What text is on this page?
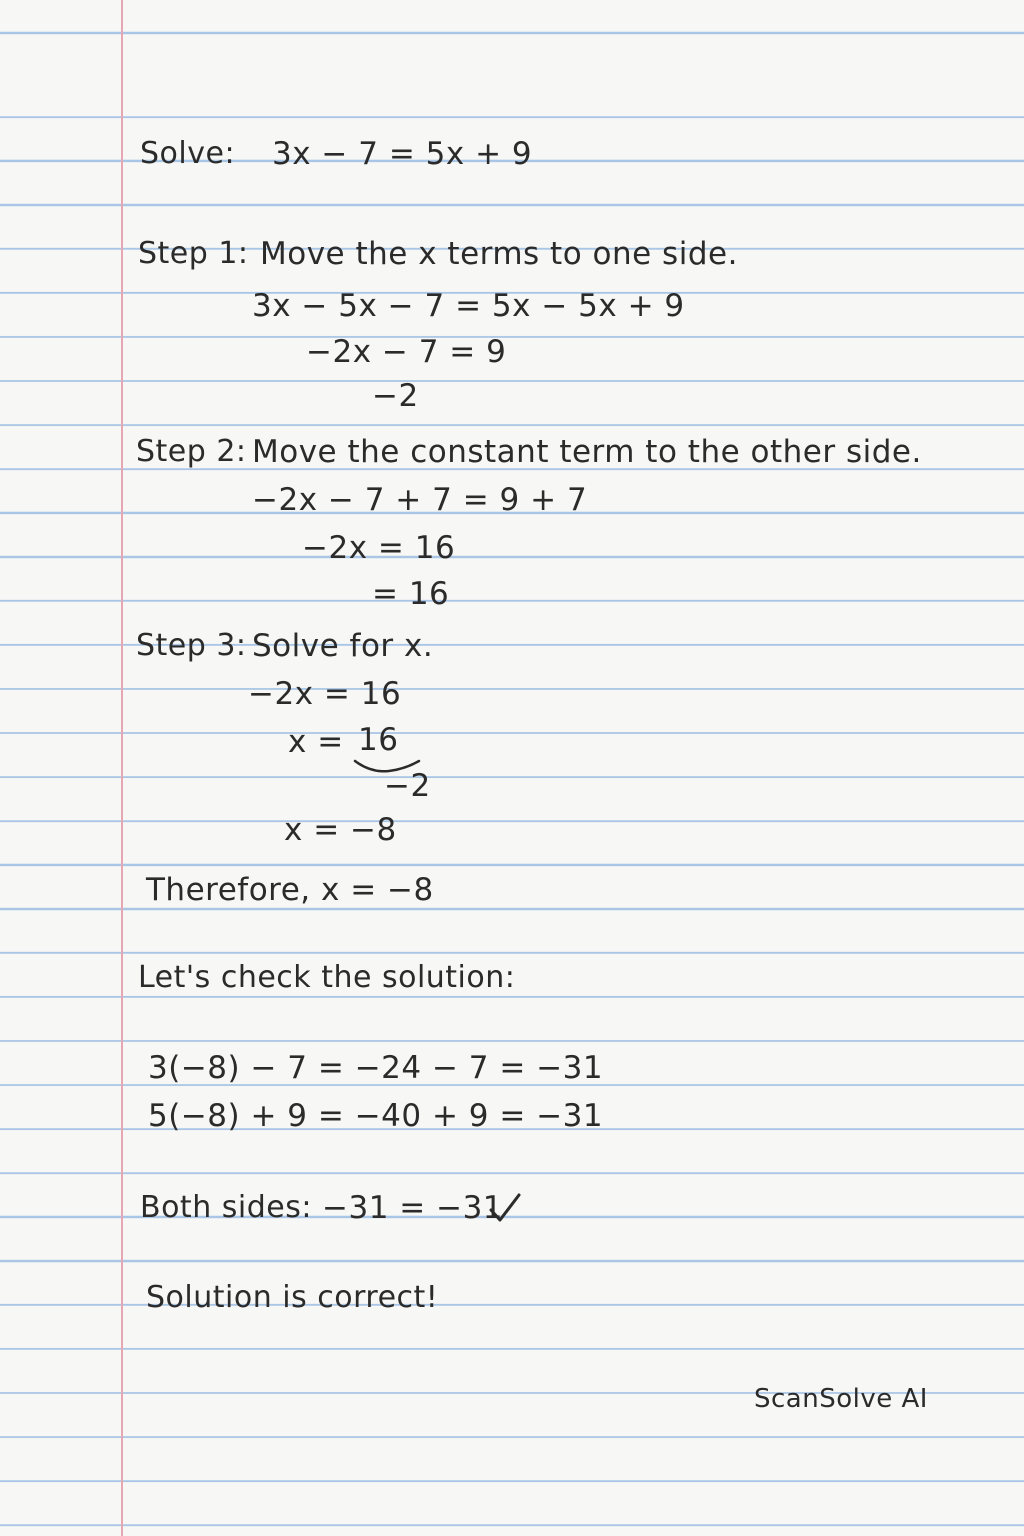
Solve: 3x − 7 = 5x + 9
Step 1: Move the x terms to one side.
3x − 5x − 7 = 5x − 5x + 9
−2x − 7 = 9
−2
Step 2: Move the constant term to the other side.
−2x − 7 + 7 = 9 + 7
−2x = 16
= 16
Step 3: Solve for x.
−2x = 16
x = 16
−2
x = −8
Therefore, x = −8
Let's check the solution:
3(−8) − 7 = −24 − 7 = −31
5(−8) + 9 = −40 + 9 = −31
Both sides: −31 = −31
Solution is correct!
ScanSolve AI
